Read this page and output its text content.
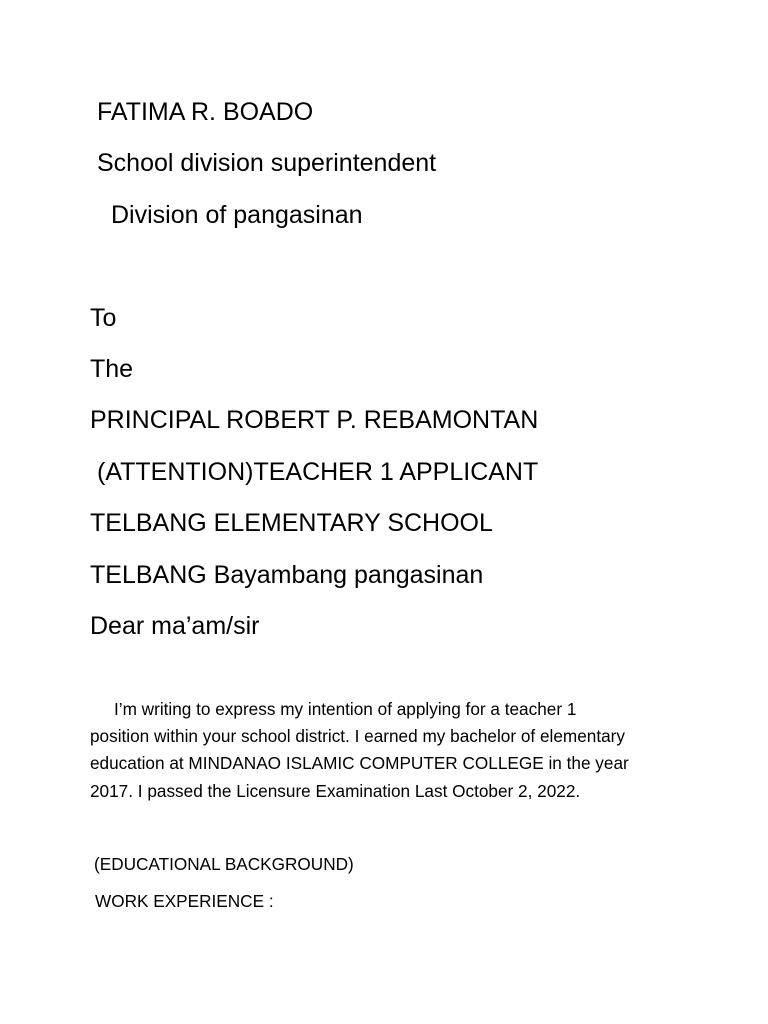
FATIMA R. BOADO
School division superintendent
Division of pangasinan
To
The
PRINCIPAL ROBERT P. REBAMONTAN
(ATTENTION)TEACHER 1 APPLICANT
TELBANG ELEMENTARY SCHOOL
TELBANG Bayambang pangasinan
Dear ma’am/sir
I’m writing to express my intention of applying for a teacher 1
position within your school district. I earned my bachelor of elementary
education at MINDANAO ISLAMIC COMPUTER COLLEGE in the year
2017. I passed the Licensure Examination Last October 2, 2022.
(EDUCATIONAL BACKGROUND)
WORK EXPERIENCE :
